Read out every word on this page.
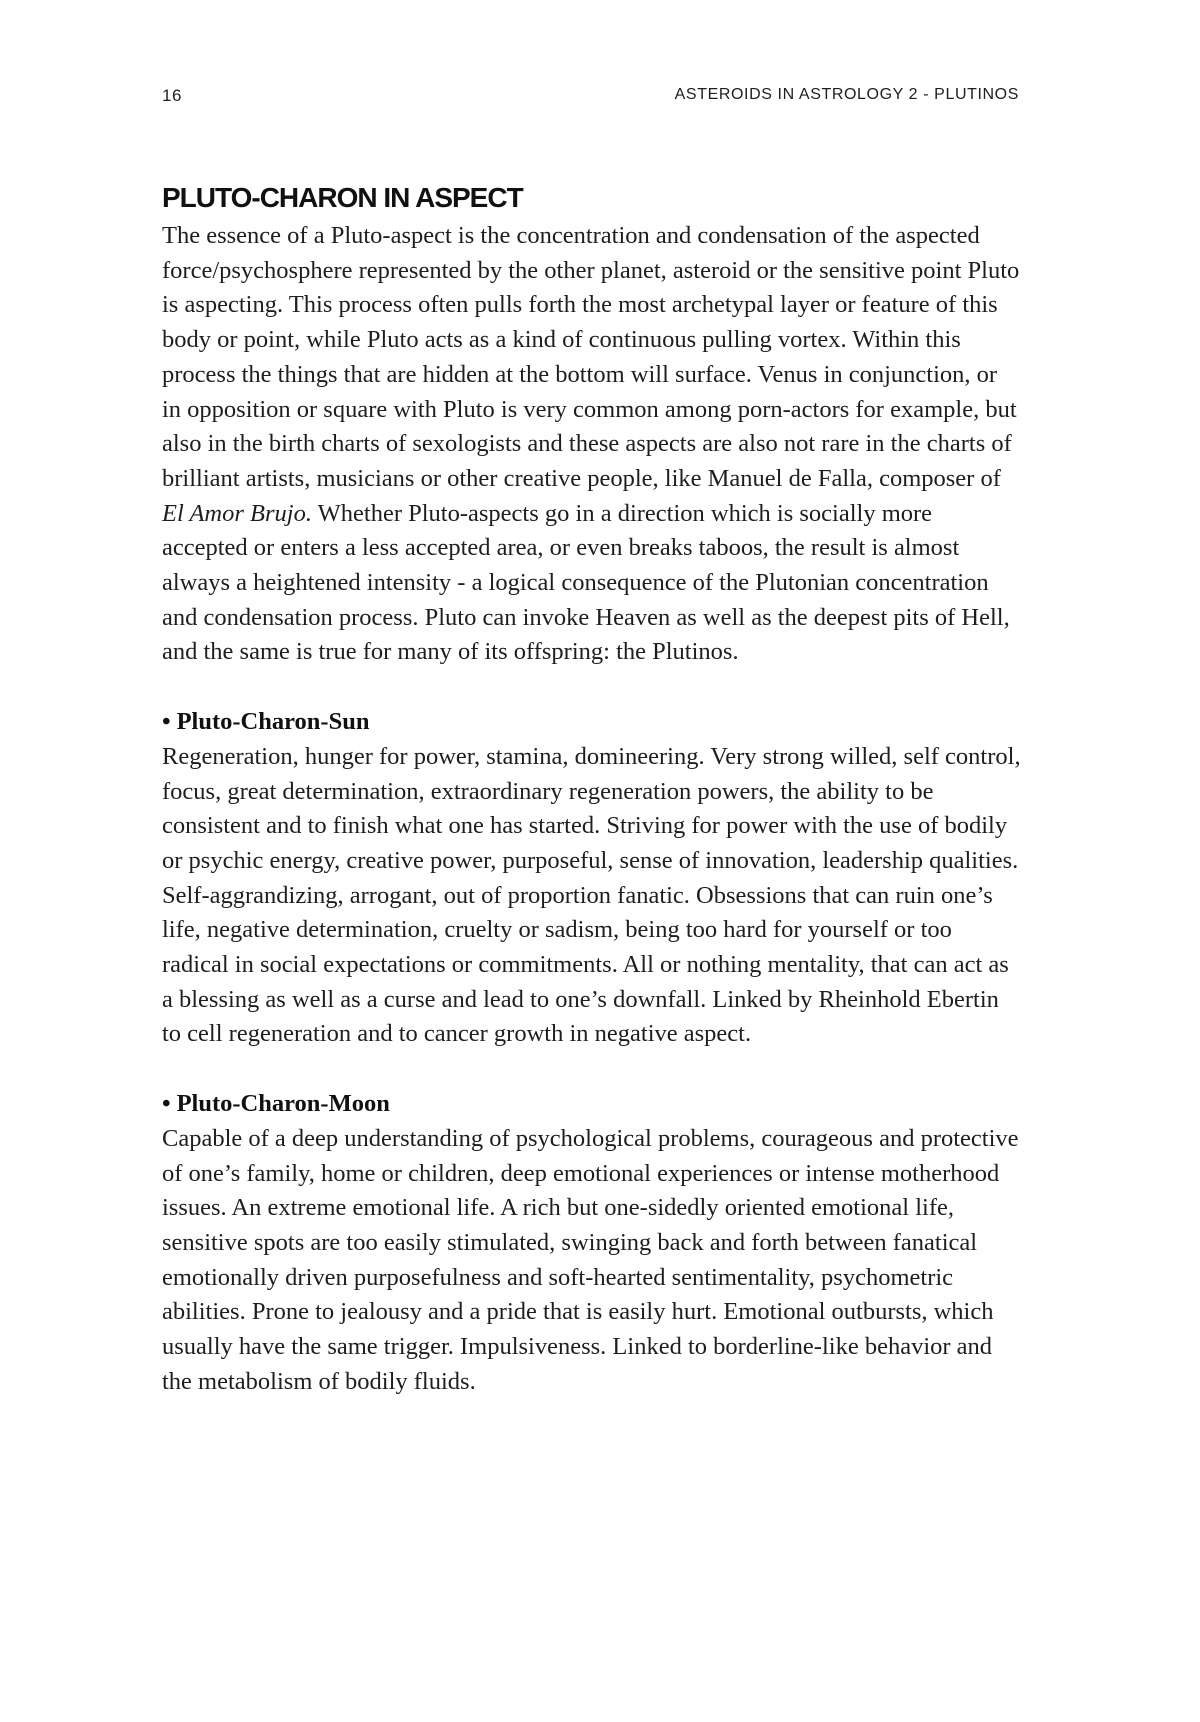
16	ASTEROIDS IN ASTROLOGY 2 - PLUTINOS
PLUTO-CHARON IN ASPECT

The essence of a Pluto-aspect is the concentration and condensation of the aspected force/psychosphere represented by the other planet, asteroid or the sensitive point Pluto is aspecting. This process often pulls forth the most archetypal layer or feature of this body or point, while Pluto acts as a kind of continuous pulling vortex. Within this process the things that are hidden at the bottom will surface. Venus in conjunction, or in opposition or square with Pluto is very common among porn-actors for example, but also in the birth charts of sexologists and these aspects are also not rare in the charts of brilliant artists, musicians or other creative people, like Manuel de Falla, composer of El Amor Brujo. Whether Pluto-aspects go in a direction which is socially more accepted or enters a less accepted area, or even breaks taboos, the result is almost always a heightened intensity - a logical consequence of the Plutonian concentration and condensation process. Pluto can invoke Heaven as well as the deepest pits of Hell, and the same is true for many of its offspring: the Plutinos.

• Pluto-Charon-Sun

Regeneration, hunger for power, stamina, domineering. Very strong willed, self control, focus, great determination, extraordinary regeneration powers, the ability to be consistent and to finish what one has started. Striving for power with the use of bodily or psychic energy, creative power, purposeful, sense of innovation, leadership qualities. Self-aggrandizing, arrogant, out of proportion fanatic. Obsessions that can ruin one’s life, negative determination, cruelty or sadism, being too hard for yourself or too radical in social expectations or commitments. All or nothing mentality, that can act as a blessing as well as a curse and lead to one’s downfall. Linked by Rheinhold Ebertin to cell regeneration and to cancer growth in negative aspect.

• Pluto-Charon-Moon

Capable of a deep understanding of psychological problems, courageous and protective of one’s family, home or children, deep emotional experiences or intense motherhood issues. An extreme emotional life. A rich but one-sidedly oriented emotional life, sensitive spots are too easily stimulated, swinging back and forth between fanatical emotionally driven purposefulness and soft-hearted sentimentality, psychometric abilities. Prone to jealousy and a pride that is easily hurt. Emotional outbursts, which usually have the same trigger. Impulsiveness. Linked to borderline-like behavior and the metabolism of bodily fluids.
